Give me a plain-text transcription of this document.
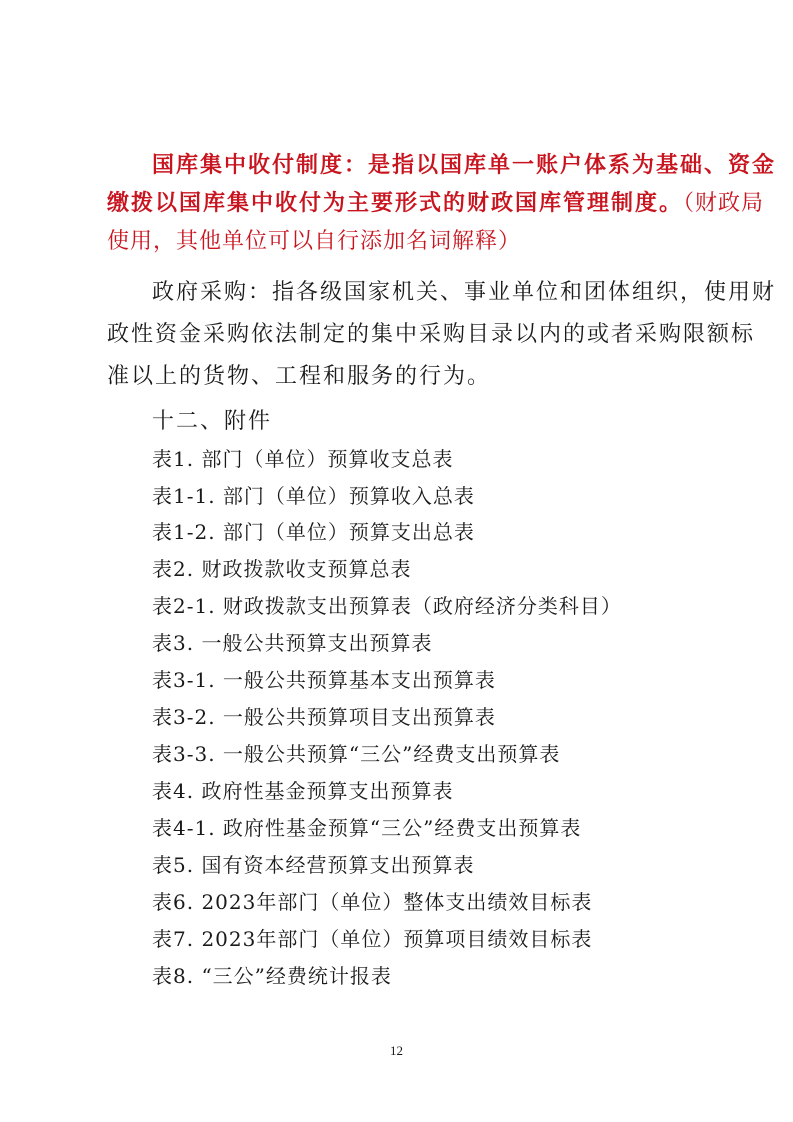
国库集中收付制度：是指以国库单一账户体系为基础、资金
缴拨以国库集中收付为主要形式的财政国库管理制度。（财政局
使用，其他单位可以自行添加名词解释）
政府采购：指各级国家机关、事业单位和团体组织，使用财
政性资金采购依法制定的集中采购目录以内的或者采购限额标
准以上的货物、工程和服务的行为。
十二、附件
表1. 部门（单位）预算收支总表
表1-1. 部门（单位）预算收入总表
表1-2. 部门（单位）预算支出总表
表2. 财政拨款收支预算总表
表2-1. 财政拨款支出预算表（政府经济分类科目）
表3. 一般公共预算支出预算表
表3-1. 一般公共预算基本支出预算表
表3-2. 一般公共预算项目支出预算表
表3-3. 一般公共预算“三公”经费支出预算表
表4. 政府性基金预算支出预算表
表4-1. 政府性基金预算“三公”经费支出预算表
表5. 国有资本经营预算支出预算表
表6. 2023年部门（单位）整体支出绩效目标表
表7. 2023年部门（单位）预算项目绩效目标表
表8. “三公”经费统计报表
12
